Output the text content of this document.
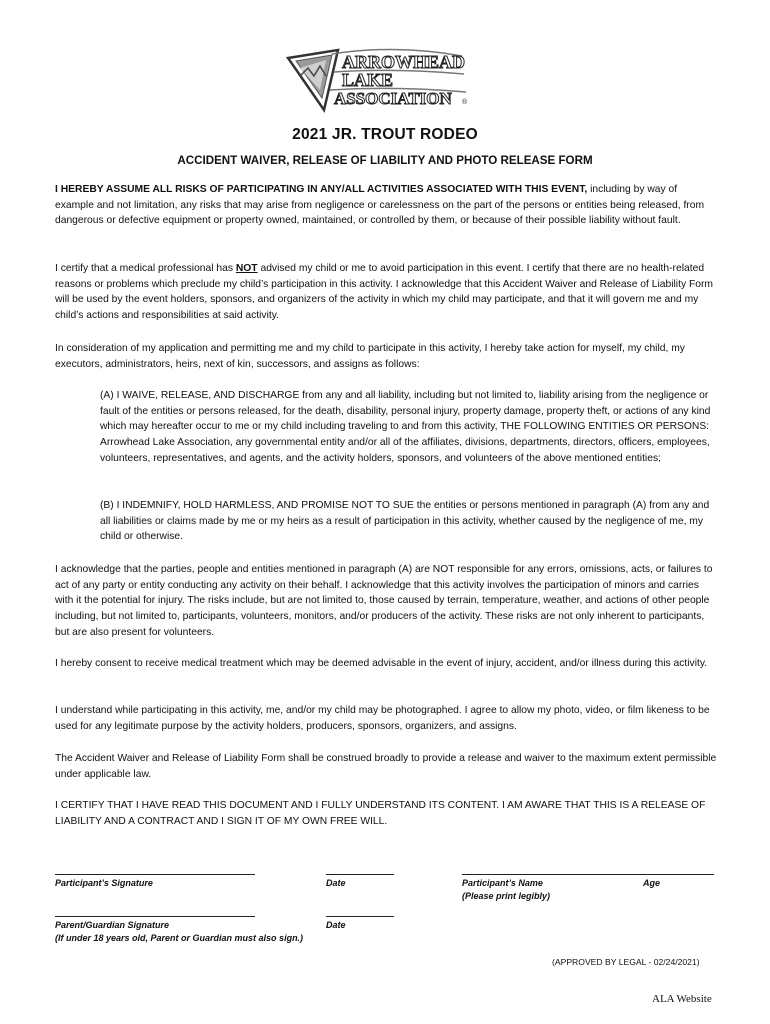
ARROWHEAD
LAKE
ASSOCIATION ®
2021 JR. TROUT RODEO
ACCIDENT WAIVER, RELEASE OF LIABILITY AND PHOTO RELEASE FORM

I HEREBY ASSUME ALL RISKS OF PARTICIPATING IN ANY/ALL ACTIVITIES ASSOCIATED WITH THIS EVENT, including by way of example and not limitation, any risks that may arise from negligence or carelessness on the part of the persons or entities being released, from dangerous or defective equipment or property owned, maintained, or controlled by them, or because of their possible liability without fault.

I certify that a medical professional has NOT advised my child or me to avoid participation in this event. I certify that there are no health-related reasons or problems which preclude my child’s participation in this activity. I acknowledge that this Accident Waiver and Release of Liability Form will be used by the event holders, sponsors, and organizers of the activity in which my child may participate, and that it will govern me and my child’s actions and responsibilities at said activity.

In consideration of my application and permitting me and my child to participate in this activity, I hereby take action for myself, my child, my executors, administrators, heirs, next of kin, successors, and assigns as follows:

(A) I WAIVE, RELEASE, AND DISCHARGE from any and all liability, including but not limited to, liability arising from the negligence or fault of the entities or persons released, for the death, disability, personal injury, property damage, property theft, or actions of any kind which may hereafter occur to me or my child including traveling to and from this activity, THE FOLLOWING ENTITIES OR PERSONS: Arrowhead Lake Association, any governmental entity and/or all of the affiliates, divisions, departments, directors, officers, employees, volunteers, representatives, and agents, and the activity holders, sponsors, and volunteers of the above mentioned entities;

(B) I INDEMNIFY, HOLD HARMLESS, AND PROMISE NOT TO SUE the entities or persons mentioned in paragraph (A) from any and all liabilities or claims made by me or my heirs as a result of participation in this activity, whether caused by the negligence of me, my child or otherwise.

I acknowledge that the parties, people and entities mentioned in paragraph (A) are NOT responsible for any errors, omissions, acts, or failures to act of any party or entity conducting any activity on their behalf. I acknowledge that this activity involves the participation of minors and carries with it the potential for injury. The risks include, but are not limited to, those caused by terrain, temperature, weather, and actions of other people including, but not limited to, participants, volunteers, monitors, and/or producers of the activity. These risks are not only inherent to participants, but are also present for volunteers.

I hereby consent to receive medical treatment which may be deemed advisable in the event of injury, accident, and/or illness during this activity.

I understand while participating in this activity, me, and/or my child may be photographed. I agree to allow my photo, video, or film likeness to be used for any legitimate purpose by the activity holders, producers, sponsors, organizers, and assigns.

The Accident Waiver and Release of Liability Form shall be construed broadly to provide a release and waiver to the maximum extent permissible under applicable law.

I CERTIFY THAT I HAVE READ THIS DOCUMENT AND I FULLY UNDERSTAND ITS CONTENT. I AM AWARE THAT THIS IS A RELEASE OF LIABILITY AND A CONTRACT AND I SIGN IT OF MY OWN FREE WILL.

Participant’s Signature	Date	Participant’s Name
(Please print legibly)
Age
Parent/Guardian Signature
(If under 18 years old, Parent or Guardian must also sign.)
Date
(APPROVED BY LEGAL - 02/24/2021)
ALA Website
